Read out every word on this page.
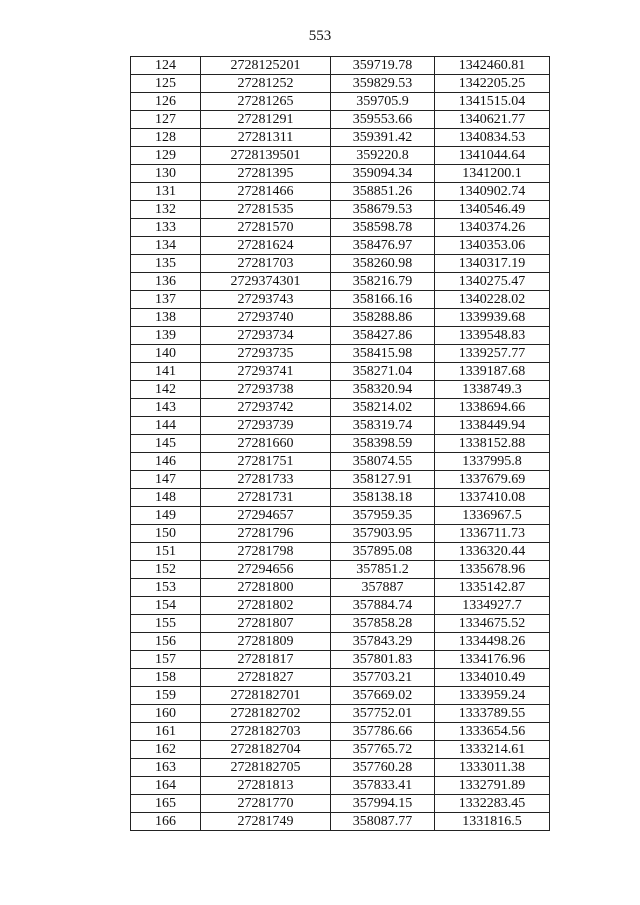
553
124	2728125201	359719.78	1342460.81
125	27281252	359829.53	1342205.25
126	27281265	359705.9	1341515.04
127	27281291	359553.66	1340621.77
128	27281311	359391.42	1340834.53
129	2728139501	359220.8	1341044.64
130	27281395	359094.34	1341200.1
131	27281466	358851.26	1340902.74
132	27281535	358679.53	1340546.49
133	27281570	358598.78	1340374.26
134	27281624	358476.97	1340353.06
135	27281703	358260.98	1340317.19
136	2729374301	358216.79	1340275.47
137	27293743	358166.16	1340228.02
138	27293740	358288.86	1339939.68
139	27293734	358427.86	1339548.83
140	27293735	358415.98	1339257.77
141	27293741	358271.04	1339187.68
142	27293738	358320.94	1338749.3
143	27293742	358214.02	1338694.66
144	27293739	358319.74	1338449.94
145	27281660	358398.59	1338152.88
146	27281751	358074.55	1337995.8
147	27281733	358127.91	1337679.69
148	27281731	358138.18	1337410.08
149	27294657	357959.35	1336967.5
150	27281796	357903.95	1336711.73
151	27281798	357895.08	1336320.44
152	27294656	357851.2	1335678.96
153	27281800	357887	1335142.87
154	27281802	357884.74	1334927.7
155	27281807	357858.28	1334675.52
156	27281809	357843.29	1334498.26
157	27281817	357801.83	1334176.96
158	27281827	357703.21	1334010.49
159	2728182701	357669.02	1333959.24
160	2728182702	357752.01	1333789.55
161	2728182703	357786.66	1333654.56
162	2728182704	357765.72	1333214.61
163	2728182705	357760.28	1333011.38
164	27281813	357833.41	1332791.89
165	27281770	357994.15	1332283.45
166	27281749	358087.77	1331816.5
